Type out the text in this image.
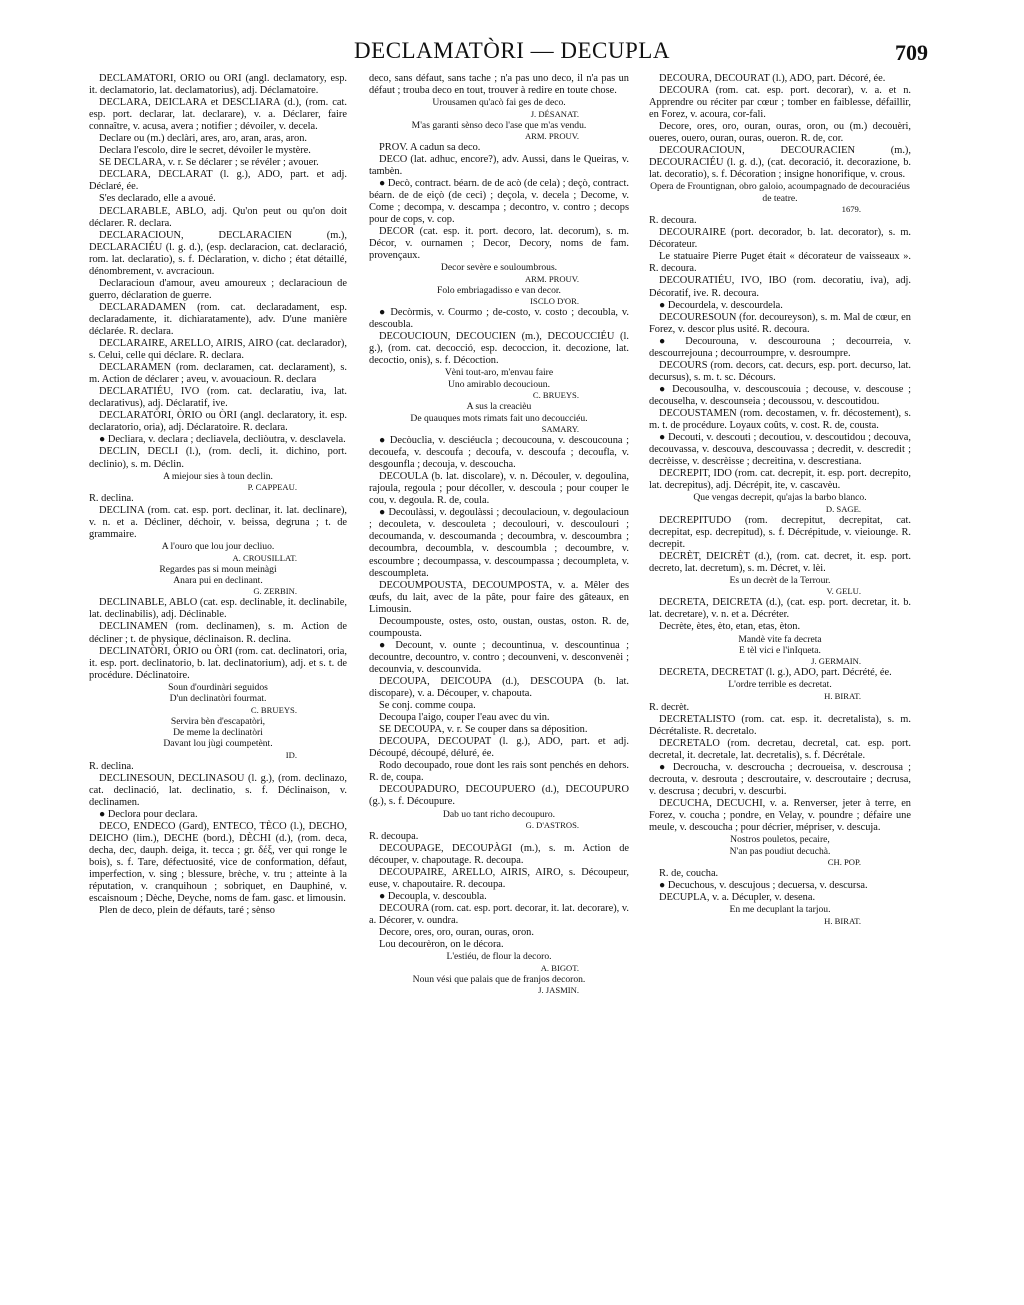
DECLAMATÒRI — DECUPLA	709

DECLAMATÒRI, ÒRIO ou ÒRI (angl. declamatory, esp. it. declamatorio, lat. declamatorius), adj. Déclamatoire.

DECLARA, DEICLARA et DESCLIARA (d.), (rom. cat. esp. port. declarar, lat. declarare), v. a. Déclarer, faire connaître, v. acusa, avera ; notifier ; dévoiler, v. decela.

Declare ou (m.) declàri, ares, aro, aran, aras, aron.

Declara l'escolo, dire le secret, dévoiler le mystère.

SE DECLARA, v. r. Se déclarer ; se révéler ; avouer.

DECLARA, DECLARAT (l. g.), ADO, part. et adj. Déclaré, ée.

S'es declarado, elle a avoué.

DECLARABLE, ABLO, adj. Qu'on peut ou qu'on doit déclarer. R. declara.

DECLARACIOUN, DECLARACIEN (m.), DECLARACIÉU (l. g. d.), (esp. declaracion, cat. declaració, rom. lat. declaratio), s. f. Déclaration, v. dicho ; état détaillé, dénombrement, v. avcracioun.

Declaracioun d'amour, aveu amoureux ; declaracioun de guerro, déclaration de guerre.

DECLARADAMEN (rom. cat. declaradament, esp. declaradamente, it. dichiaratamente), adv. D'une manière déclarée. R. declara.

DECLARAIRE, ARELLO, AIRIS, AIRO (cat. declarador), s. Celui, celle qui déclare. R. declara.

DECLARAMEN (rom. declaramen, cat. declarament), s. m. Action de déclarer ; aveu, v. avouacioun. R. declara

DECLARATIÉU, IVO (rom. cat. declaratiu, iva, lat. declarativus), adj. Déclaratif, ive.

DECLARATÒRI, ÒRIO ou ÒRI (angl. declaratory, it. esp. declaratorio, oria), adj. Déclaratoire. R. declara.

● Decliara, v. declara ; decliavela, decliòutra, v. desclavela.

DECLIN, DECLI (l.), (rom. decli, it. dichino, port. declinio), s. m. Déclin.

A miejour sies à toun declin.

P. CAPPEAU.

R. declina.

DECLINA (rom. cat. esp. port. declinar, it. lat. declinare), v. n. et a. Décliner, déchoir, v. beissa, degruna ; t. de grammaire.

A l'ouro que lou jour decliuo.

A. CROUSILLAT.

Regardes pas si moun meinàgi

Anara pui en declinant.

G. ZERBIN.

DECLINABLE, ABLO (cat. esp. declinable, it. declinabile, lat. declinabilis), adj. Déclinable.

DECLINAMEN (rom. declinamen), s. m. Action de décliner ; t. de physique, déclinaison. R. declina.

DECLINATÒRI, ÒRIO ou ÒRI (rom. cat. declinatori, oria, it. esp. port. declinatorio, b. lat. declinatorium), adj. et s. t. de procédure. Déclinatoire.

Soun d'ourdinàri seguidos

D'un declinatòri fourmat.

C. BRUEYS.

Servira bèn d'escapatòri,

De meme la declinatòri

Davant lou jùgi coumpetènt.

ID.

R. declina.

DECLINESOUN, DECLINASOU (l. g.), (rom. declinazo, cat. declinació, lat. declinatio, s. f. Déclinaison, v. declinamen.

● Declora pour declara.

DECO, ENDECO (Gard), ENTECO, TÈCO (l.), DECHO, DEICHO (lim.), DECHE (bord.), DÈCHI (d.), (rom. deca, decha, dec, dauph. deiga, it. tecca ; gr. δέξ, ver qui ronge le bois), s. f. Tare, défectuosité, vice de conformation, défaut, imperfection, v. sing ; blessure, brèche, v. tru ; atteinte à la réputation, v. cranquihoun ; sobriquet, en Dauphiné, v. escaisnoum ; Dèche, Deyche, noms de fam. gasc. et limousin.

Plen de deco, plein de défauts, taré ; sènso

deco, sans défaut, sans tache ; n'a pas uno deco, il n'a pas un défaut ; trouba deco en tout, trouver à redire en toute chose.

Urousamen qu'acò fai ges de deco.

J. DÉSANAT.

M'as garanti sènso deco l'ase que m'as vendu.

ARM. PROUV.

PROV. A cadun sa deco.

DECO (lat. adhuc, encore?), adv. Aussi, dans le Queiras, v. tambèn.

● Decò, contract. béarn. de de acò (de cela) ; deçò, contract. béarn. de de eiçò (de ceci) ; deçola, v. decela ; Decome, v. Come ; decompa, v. descampa ; decontro, v. contro ; decops pour de cops, v. cop.

DECOR (cat. esp. it. port. decoro, lat. decorum), s. m. Décor, v. ournamen ; Decor, Decory, noms de fam. provençaux.

Decor sevère e souloumbrous.

ARM. PROUV.

Folo embriagadisso e van decor.

ISCLO D'OR.

● Decòrmis, v. Courmo ; de-costo, v. costo ; decoubla, v. descoubla.

DECOUCIOUN, DECOUCIEN (m.), DECOUCCIÉU (l. g.), (rom. cat. decocció, esp. decoccion, it. decozione, lat. decoctio, onis), s. f. Décoction.

Vèni tout-aro, m'envau faire

Uno amirablo decoucioun.

C. BRUEYS.

A sus la creacièu

De quauques mots rimats fait uno decoucciéu.

SAMARY.

● Decòuclia, v. desciéucla ; decoucouna, v. descoucouna ; decouefa, v. descoufa ; decoufa, v. descoufa ; decoufla, v. desgounfla ; decouja, v. descoucha.

DECOULA (b. lat. discolare), v. n. Découler, v. degoulina, rajoula, regoula ; pour décoller, v. descoula ; pour couper le cou, v. degoula. R. de, coula.

● Decoulàssi, v. degoulàssi ; decoulacioun, v. degoulacioun ; decouleta, v. descouleta ; decoulouri, v. descoulouri ; decoumanda, v. descoumanda ; decoumbra, v. descoumbra ; decoumbra, decoumbla, v. descoumbla ; decoumbre, v. escoumbre ; decoumpassa, v. descoumpassa ; decoumpleta, v. descoumpleta.

DECOUMPOUSTA, DECOUMPOSTA, v. a. Mêler des œufs, du lait, avec de la pâte, pour faire des gâteaux, en Limousin.

Decoumpouste, ostes, osto, oustan, oustas, oston. R. de, coumpousta.

● Decount, v. ounte ; decountinua, v. descountinua ; decountre, decountro, v. contro ; decounveni, v. desconvenèi ; decounvia, v. descounvida.

DECOUPA, DEICOUPA (d.), DESCOUPA (b. lat. discopare), v. a. Découper, v. chapouta.

Se conj. comme coupa.

Decoupa l'aigo, couper l'eau avec du vin.

SE DECOUPA, v. r. Se couper dans sa déposition.

DECOUPA, DECOUPAT (l. g.), ADO, part. et adj. Découpé, découpé, déluré, ée.

Rodo decoupado, roue dont les rais sont penchés en dehors. R. de, coupa.

DECOUPADURO, DECOUPUERO (d.), DECOUPURO (g.), s. f. Découpure.

Dab uo tant richo decoupuro.

G. D'ASTROS.

R. decoupa.

DECOUPAGE, DECOUPÀGI (m.), s. m. Action de découper, v. chapoutage. R. decoupa.

DECOUPAIRE, ARELLO, AIRIS, AIRO, s. Découpeur, euse, v. chapoutaire. R. decoupa.

● Decoupla, v. descoubla.

DECOURA (rom. cat. esp. port. decorar, it. lat. decorare), v. a. Décorer, v. oundra.

Decore, ores, oro, ouran, ouras, oron.

Lou decourèron, on le décora.

L'estiéu, de flour la decoro.

A. BIGOT.

Noun vési que palais que de franjos decoron.

J. JASMIN.

DECOURA, DECOURAT (l.), ADO, part. Décoré, ée.

DECOURA (rom. cat. esp. port. decorar), v. a. et n. Apprendre ou réciter par cœur ; tomber en faiblesse, défaillir, en Forez, v. acoura, cor-fali.

Decore, ores, oro, ouran, ouras, oron, ou (m.) decouèri, oueres, ouero, ouran, ouras, oueron. R. de, cor.

DECOURACIOUN, DECOURACIEN (m.), DECOURACIÉU (l. g. d.), (cat. decoració, it. decorazione, b. lat. decoratio), s. f. Décoration ; insigne honorifique, v. crous.

Opera de Frountignan, obro galoio, acoumpagnado de decouraciéus de teatre.

1679.

R. decoura.

DECOURAIRE (port. decorador, b. lat. decorator), s. m. Décorateur.

Le statuaire Pierre Puget était « décorateur de vaisseaux ». R. decoura.

DECOURATIÉU, IVO, IBO (rom. decoratiu, iva), adj. Décoratif, ive. R. decoura.

● Decourdela, v. descourdela.

DECOURESOUN (for. decoureyson), s. m. Mal de cœur, en Forez, v. descor plus usité. R. decoura.

● Decourouna, v. descourouna ; decourreia, v. descourrejouna ; decourroumpre, v. desroumpre.

DECOURS (rom. decors, cat. decurs, esp. port. decurso, lat. decursus), s. m. t. sc. Décours.

● Decousoulha, v. descouscouia ; decouse, v. descouse ; decouselha, v. descounseia ; decoussou, v. descoutidou.

DECOUSTAMEN (rom. decostamen, v. fr. décostement), s. m. t. de procédure. Loyaux coûts, v. cost. R. de, cousta.

● Decouti, v. descouti ; decoutiou, v. descoutidou ; decouva, decouvassa, v. descouva, descouvassa ; decredit, v. descredit ; decrèisse, v. descrèisse ; decreitina, v. descrestiana.

DECREPIT, IDO (rom. cat. decrepit, it. esp. port. decrepito, lat. decrepitus), adj. Décrépit, ite, v. cascavèu.

Que vengas decrepit, qu'ajas la barbo blanco.

D. SAGE.

DECREPITUDO (rom. decrepitut, decrepitat, cat. decrepitat, esp. decrepitud), s. f. Décrépitude, v. vieiounge. R. decrepit.

DECRÈT, DEICRÈT (d.), (rom. cat. decret, it. esp. port. decreto, lat. decretum), s. m. Décret, v. lèi.

Es un decrèt de la Terrour.

V. GELU.

DECRETA, DEICRETA (d.), (cat. esp. port. decretar, it. b. lat. decretare), v. n. et a. Décréter.

Decrète, ètes, èto, etan, etas, èton.

Mandè vite fa decreta

E tèl vici e l'inIqueta.

J. GERMAIN.

DECRETA, DECRETAT (l. g.), ADO, part. Décrété, ée.

L'ordre terrible es decretat.

H. BIRAT.

R. decrèt.

DECRETALISTO (rom. cat. esp. it. decretalista), s. m. Décrétaliste. R. decretalo.

DECRETALO (rom. decretau, decretal, cat. esp. port. decretal, it. decretale, lat. decretalis), s. f. Décrétale.

● Decroucha, v. descroucha ; decroueisa, v. descrousa ; decrouta, v. desrouta ; descroutaire, v. descroutaire ; decrusa, v. descrusa ; decubri, v. descurbi.

DECUCHA, DECUCHI, v. a. Renverser, jeter à terre, en Forez, v. coucha ; pondre, en Velay, v. poundre ; défaire une meule, v. descoucha ; pour décrier, mépriser, v. descuja.

Nostros pouletos, pecaire,

N'an pas poudiut decuchà.

CH. POP.

R. de, coucha.

● Decuchous, v. descujous ; decuersa, v. descursa.

DECUPLA, v. a. Décupler, v. desena.

En me decuplant la tarjou.

H. BIRAT.
